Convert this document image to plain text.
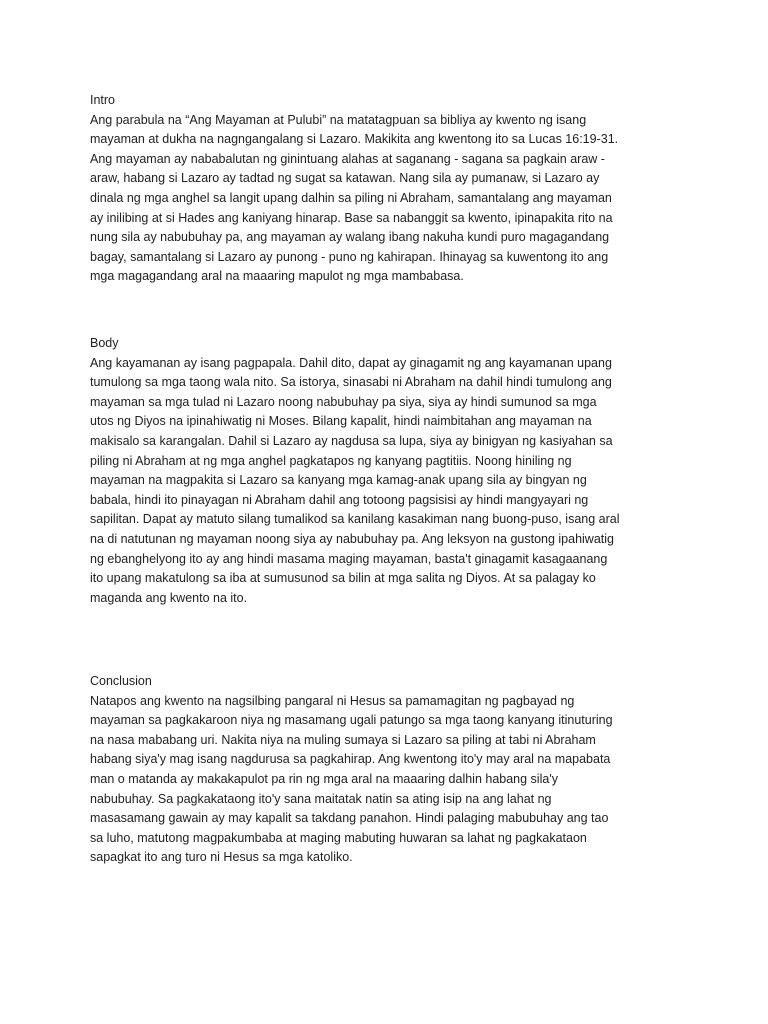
Intro

Ang parabula na “Ang Mayaman at Pulubi” na matatagpuan sa bibliya ay kwento ng isang
mayaman at dukha na nagngangalang si Lazaro. Makikita ang kwentong ito sa Lucas 16:19-31.
Ang mayaman ay nababalutan ng ginintuang alahas at saganang - sagana sa pagkain araw -
araw, habang si Lazaro ay tadtad ng sugat sa katawan. Nang sila ay pumanaw, si Lazaro ay
dinala ng mga anghel sa langit upang dalhin sa piling ni Abraham, samantalang ang mayaman
ay inilibing at si Hades ang kaniyang hinarap. Base sa nabanggit sa kwento, ipinapakita rito na
nung sila ay nabubuhay pa, ang mayaman ay walang ibang nakuha kundi puro magagandang
bagay, samantalang si Lazaro ay punong - puno ng kahirapan. Ihinayag sa kuwentong ito ang
mga magagandang aral na maaaring mapulot ng mga mambabasa.

Body

Ang kayamanan ay isang pagpapala. Dahil dito, dapat ay ginagamit ng ang kayamanan upang
tumulong sa mga taong wala nito. Sa istorya, sinasabi ni Abraham na dahil hindi tumulong ang
mayaman sa mga tulad ni Lazaro noong nabubuhay pa siya, siya ay hindi sumunod sa mga
utos ng Diyos na ipinahiwatig ni Moses. Bilang kapalit, hindi naimbitahan ang mayaman na
makisalo sa karangalan. Dahil si Lazaro ay nagdusa sa lupa, siya ay binigyan ng kasiyahan sa
piling ni Abraham at ng mga anghel pagkatapos ng kanyang pagtitiis. Noong hiniling ng
mayaman na magpakita si Lazaro sa kanyang mga kamag-anak upang sila ay bingyan ng
babala, hindi ito pinayagan ni Abraham dahil ang totoong pagsisisi ay hindi mangyayari ng
sapilitan. Dapat ay matuto silang tumalikod sa kanilang kasakiman nang buong-puso, isang aral
na di natutunan ng mayaman noong siya ay nabubuhay pa. Ang leksyon na gustong ipahiwatig
ng ebanghelyong ito ay ang hindi masama maging mayaman, basta't ginagamit kasagaanang
ito upang makatulong sa iba at sumusunod sa bilin at mga salita ng Diyos. At sa palagay ko
maganda ang kwento na ito.

Conclusion

Natapos ang kwento na nagsilbing pangaral ni Hesus sa pamamagitan ng pagbayad ng
mayaman sa pagkakaroon niya ng masamang ugali patungo sa mga taong kanyang itinuturing
na nasa mababang uri. Nakita niya na muling sumaya si Lazaro sa piling at tabi ni Abraham
habang siya'y mag isang nagdurusa sa pagkahirap. Ang kwentong ito'y may aral na mapabata
man o matanda ay makakapulot pa rin ng mga aral na maaaring dalhin habang sila'y
nabubuhay. Sa pagkakataong ito'y sana maitatak natin sa ating isip na ang lahat ng
masasamang gawain ay may kapalit sa takdang panahon. Hindi palaging mabubuhay ang tao
sa luho, matutong magpakumbaba at maging mabuting huwaran sa lahat ng pagkakataon
sapagkat ito ang turo ni Hesus sa mga katoliko.
